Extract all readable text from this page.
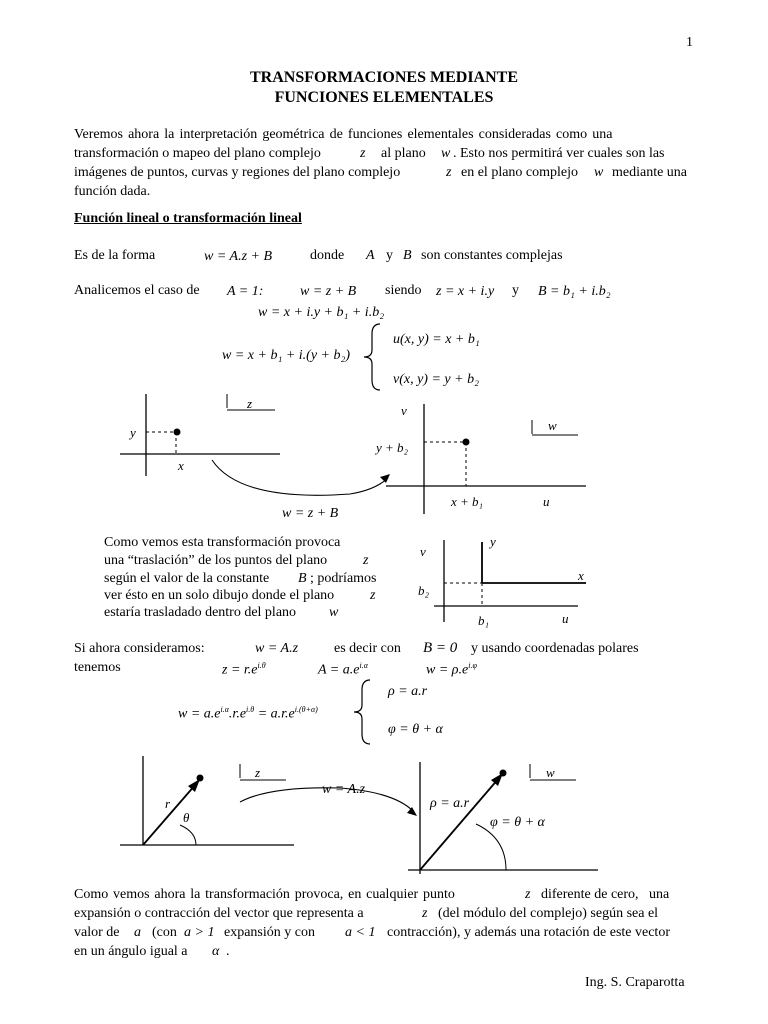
1
TRANSFORMACIONES MEDIANTE
FUNCIONES ELEMENTALES
Veremos ahora la interpretación geométrica de funciones elementales consideradas como una
transformación o mapeo del plano complejo	z al plano w . Esto nos permitirá ver cuales son las
imágenes de puntos, curvas y regiones del plano complejo	z en el plano complejo w mediante una
función dada.
Función lineal o transformación lineal
Es de la forma	w = A.z + B	donde A y B son constantes complejas
Analicemos el caso de A = 1:	w = z + B siendo z = x + i.y y B = b₁ + i.b₂
w = x + i.y + b₁ + i.b₂
w = x + b₁ + i.(y + b₂)
u(x, y) = x + b₁
v(x, y) = y + b₂
y
x
z	v
y + b₂
x + b₁	u
w
w = z + B
Como vemos esta transformación provoca
una “traslación” de los puntos del plano	z
según el valor de la constante B ; podríamos
ver ésto en un solo dibujo donde el plano	z
estaría trasladado dentro del plano w
y
v
x
b₂
u
b₁
Si ahora consideramos:	w = A.z	es decir con B = 0 y usando coordenadas polares
tenemos	$z = r.e^{i.\theta}$	$A = a.e^{i.\alpha}$	$w = \rho.e^{i.\varphi}$
$w = a.e^{i.\alpha}.r.e^{i.\theta} = a.r.e^{i.(\theta+\alpha)}$
ρ = a.r
φ = θ + α
r
θ
z	w
w = A.z
ρ = a.r
φ = θ + α
Como vemos ahora la transformación provoca, en cualquier punto	z diferente de cero,   una
expansión o contracción del vector que representa a	z (del módulo del complejo) según sea el
valor de a (con a > 1 expansión y con a < 1 contracción), y además una rotación de este vector
en un ángulo igual a α .
Ing. S. Craparotta
